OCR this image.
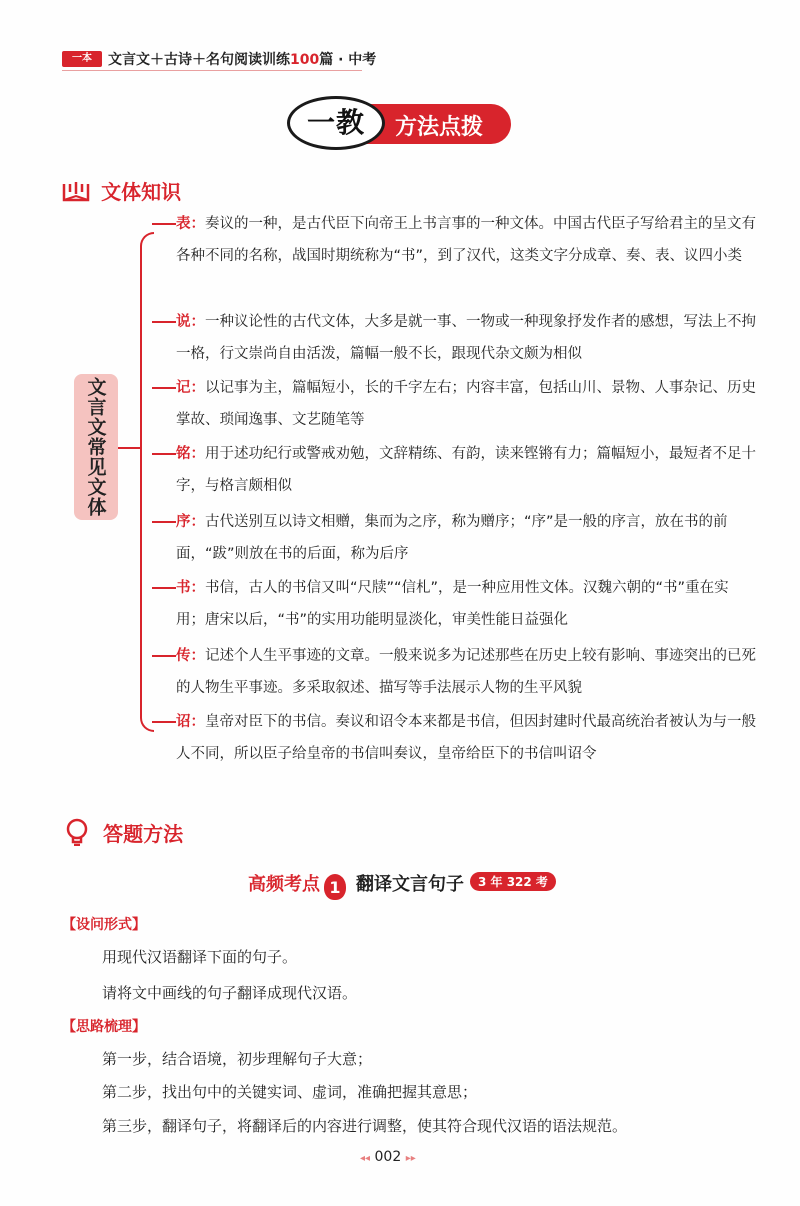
一本	文言文＋古诗＋名句阅读训练100篇 · 中考
方法点拨
一教
文体知识
文言文常见文体
表：奏议的一种，是古代臣下向帝王上书言事的一种文体。中国古代臣子写给君主的呈文有各种不同的名称，战国时期统称为“书”，到了汉代，这类文字分成章、奏、表、议四小类
说：一种议论性的古代文体，大多是就一事、一物或一种现象抒发作者的感想，写法上不拘一格，行文崇尚自由活泼，篇幅一般不长，跟现代杂文颇为相似
记：以记事为主，篇幅短小，长的千字左右；内容丰富，包括山川、景物、人事杂记、历史掌故、琐闻逸事、文艺随笔等
铭：用于述功纪行或警戒劝勉，文辞精练、有韵，读来铿锵有力；篇幅短小，最短者不足十字，与格言颇相似
序：古代送别互以诗文相赠，集而为之序，称为赠序；“序”是一般的序言，放在书的前面，“跋”则放在书的后面，称为后序
书：书信，古人的书信又叫“尺牍”“信札”，是一种应用性文体。汉魏六朝的“书”重在实用；唐宋以后，“书”的实用功能明显淡化，审美性能日益强化
传：记述个人生平事迹的文章。一般来说多为记述那些在历史上较有影响、事迹突出的已死的人物生平事迹。多采取叙述、描写等手法展示人物的生平风貌
诏：皇帝对臣下的书信。奏议和诏令本来都是书信，但因封建时代最高统治者被认为与一般人不同，所以臣子给皇帝的书信叫奏议，皇帝给臣下的书信叫诏令
答题方法
高频考点 1 翻译文言句子 3 年 322 考
【设问形式】
用现代汉语翻译下面的句子。
请将文中画线的句子翻译成现代汉语。
【思路梳理】
第一步，结合语境，初步理解句子大意；
第二步，找出句中的关键实词、虚词，准确把握其意思；
第三步，翻译句子，将翻译后的内容进行调整，使其符合现代汉语的语法规范。
◂◂ 002 ▸▸
